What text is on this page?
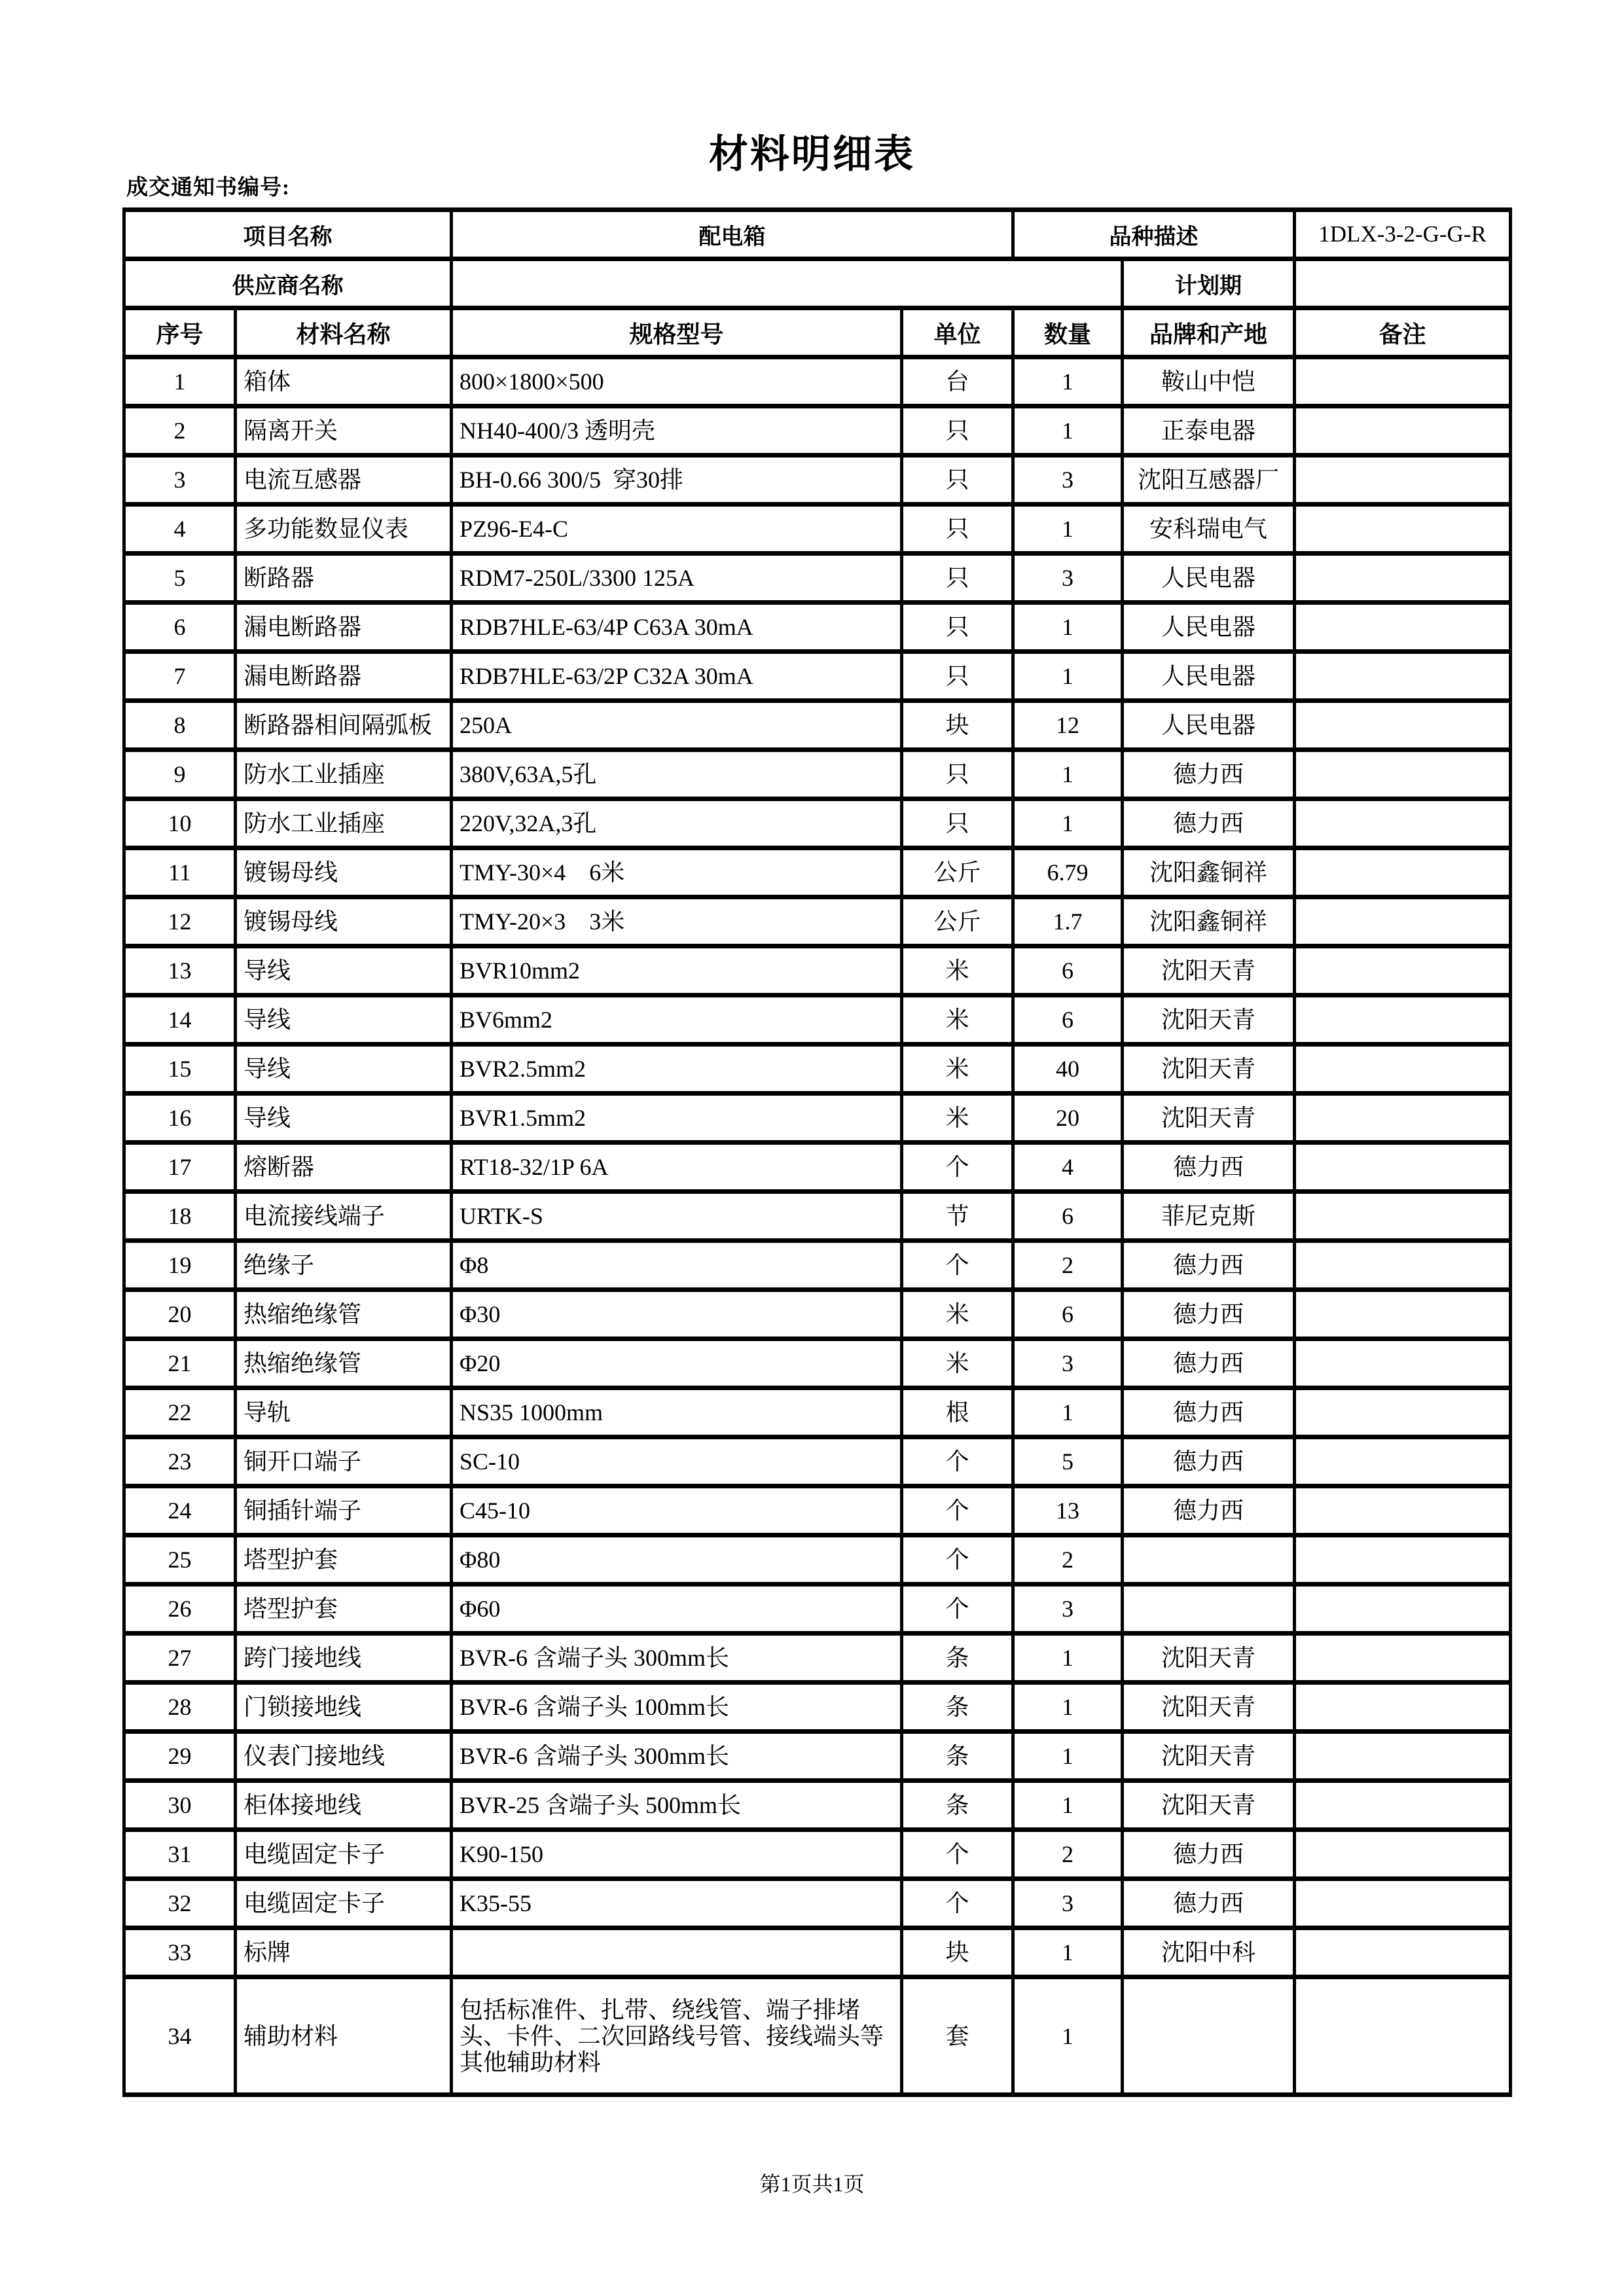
材料明细表
成交通知书编号:
项目名称		配电箱		品种描述		1DLX-3-2-G-G-R
供应商名称					计划期	
序号	材料名称	规格型号	单位	数量	品牌和产地	备注
1	箱体	800×1800×500	台	1	鞍山中恺	
2	隔离开关	NH40-400/3 透明壳	只	1	正泰电器	
3	电流互感器	BH-0.66 300/5  穿30排	只	3	沈阳互感器厂	
4	多功能数显仪表	PZ96-E4-C	只	1	安科瑞电气	
5	断路器	RDM7-250L/3300 125A	只	3	人民电器	
6	漏电断路器	RDB7HLE-63/4P C63A 30mA	只	1	人民电器	
7	漏电断路器	RDB7HLE-63/2P C32A 30mA	只	1	人民电器	
8	断路器相间隔弧板	250A	块	12	人民电器	
9	防水工业插座	380V,63A,5孔	只	1	德力西	
10	防水工业插座	220V,32A,3孔	只	1	德力西	
11	镀锡母线	TMY-30×4    6米	公斤	6.79	沈阳鑫铜祥	
12	镀锡母线	TMY-20×3    3米	公斤	1.7	沈阳鑫铜祥	
13	导线	BVR10mm2	米	6	沈阳天青	
14	导线	BV6mm2	米	6	沈阳天青	
15	导线	BVR2.5mm2	米	40	沈阳天青	
16	导线	BVR1.5mm2	米	20	沈阳天青	
17	熔断器	RT18-32/1P 6A	个	4	德力西	
18	电流接线端子	URTK-S	节	6	菲尼克斯	
19	绝缘子	Φ8	个	2	德力西	
20	热缩绝缘管	Φ30	米	6	德力西	
21	热缩绝缘管	Φ20	米	3	德力西	
22	导轨	NS35 1000mm	根	1	德力西	
23	铜开口端子	SC-10	个	5	德力西	
24	铜插针端子	C45-10	个	13	德力西	
25	塔型护套	Φ80	个	2		
26	塔型护套	Φ60	个	3		
27	跨门接地线	BVR-6 含端子头 300mm长	条	1	沈阳天青	
28	门锁接地线	BVR-6 含端子头 100mm长	条	1	沈阳天青	
29	仪表门接地线	BVR-6 含端子头 300mm长	条	1	沈阳天青	
30	柜体接地线	BVR-25 含端子头 500mm长	条	1	沈阳天青	
31	电缆固定卡子	K90-150	个	2	德力西	
32	电缆固定卡子	K35-55	个	3	德力西	
33	标牌		块	1	沈阳中科	
34	辅助材料	包括标准件、扎带、绕线管、端子排堵头、卡件、二次回路线号管、接线端头等其他辅助材料	套	1		
第1页共1页
